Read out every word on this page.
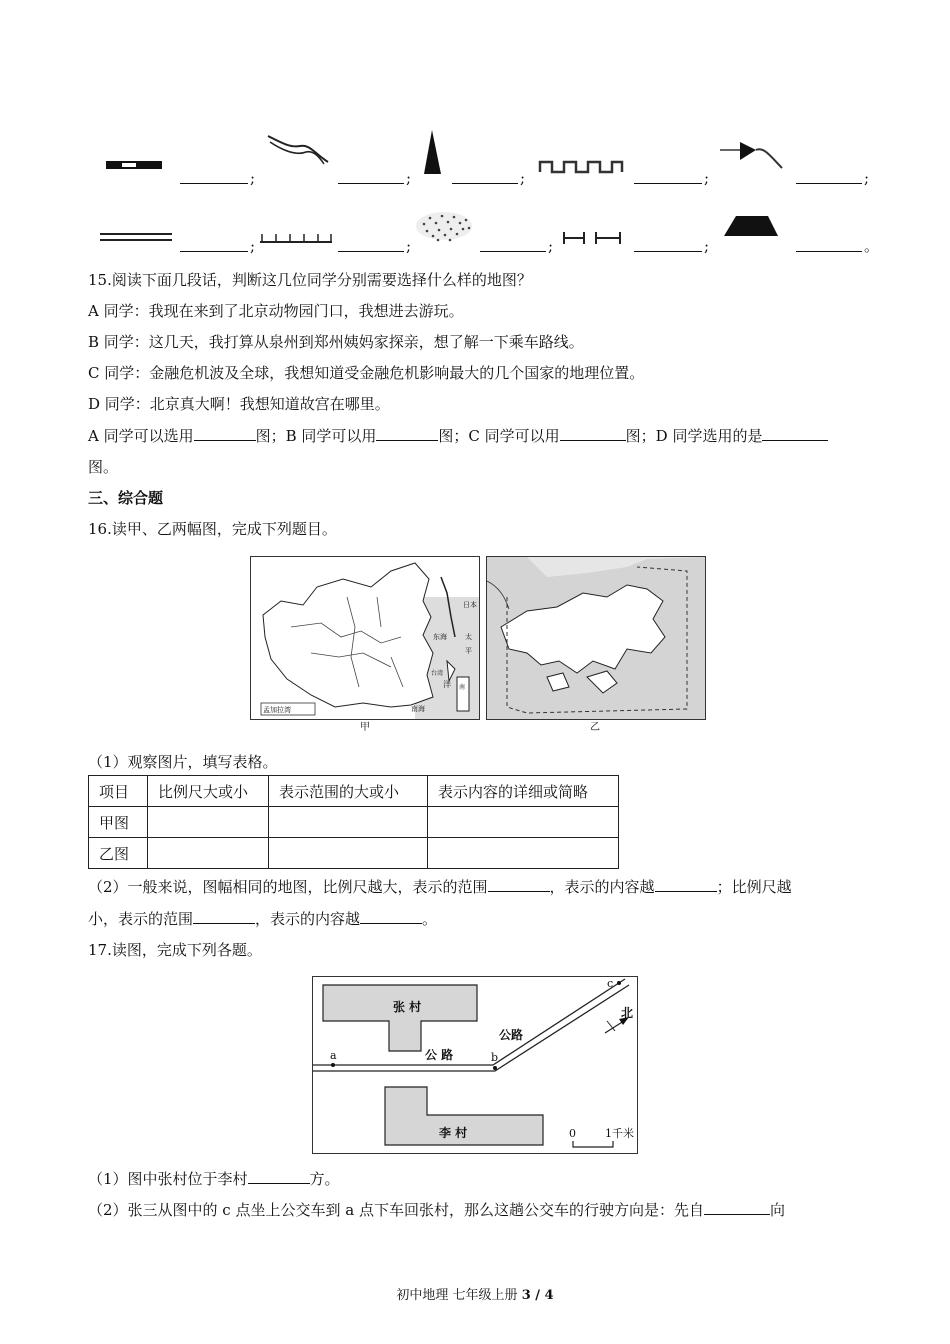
;	;	;	;	;
;	;	;	;	。
15.阅读下面几段话，判断这几位同学分别需要选择什么样的地图？
A 同学：我现在来到了北京动物园门口，我想进去游玩。
B 同学：这几天，我打算从泉州到郑州姨妈家探亲，想了解一下乘车路线。
C 同学：金融危机波及全球，我想知道受金融危机影响最大的几个国家的地理位置。
D 同学：北京真大啊！我想知道故宫在哪里。
A 同学可以选用	图；B 同学可以用	图；C 同学可以用	图；D 同学选用的是
图。
三、综合题
16.读甲、乙两幅图，完成下列题目。
日本
东海	太
平
洋
南海
孟加拉湾
台湾
南
甲	乙
（1）观察图片，填写表格。
项目	比例尺大或小	表示范围的大或小	表示内容的详细或简略
甲图			
乙图			
（2）一般来说，图幅相同的地图，比例尺越大，表示的范围	，表示的内容越	；比例尺越
小，表示的范围	，表示的内容越	。
17.读图，完成下列各题。
张 村
a	b
c
公 路
公路
北
李 村	0	1千米
（1）图中张村位于李村	方。
（2）张三从图中的 c 点坐上公交车到 a 点下车回张村，那么这趟公交车的行驶方向是：先自	向
初中地理 七年级上册 3 / 4
